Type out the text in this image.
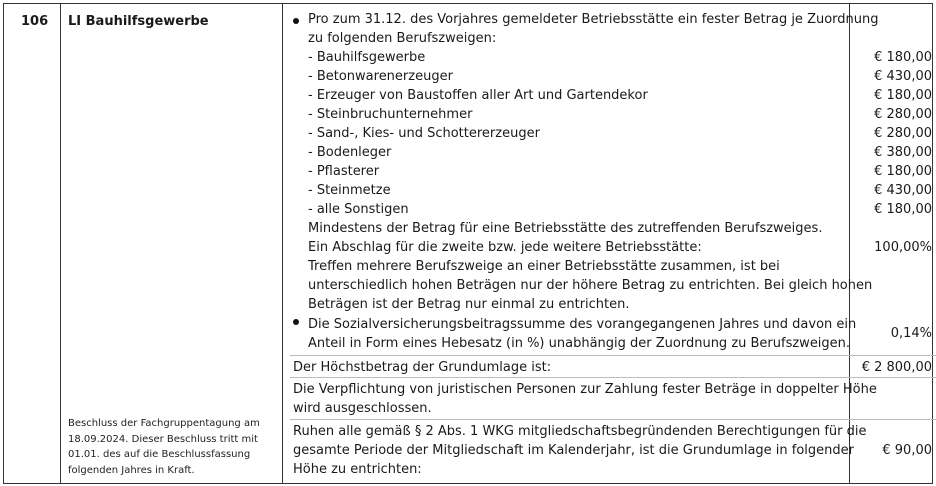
106 LI Bauhilfsgewerbe
Beschluss der Fachgruppentagung am 18.09.2024. Dieser Beschluss tritt mit 01.01. des auf die Beschlussfassung folgenden Jahres in Kraft.
Pro zum 31.12. des Vorjahres gemeldeter Betriebsstätte ein fester Betrag je Zuordnung
zu folgenden Berufszweigen:
- Bauhilfsgewerbe
- Betonwarenerzeuger
- Erzeuger von Baustoffen aller Art und Gartendekor
- Steinbruchunternehmer
- Sand-, Kies- und Schottererzeuger
- Bodenleger
- Pflasterer
- Steinmetze
- alle Sonstigen
Mindestens der Betrag für eine Betriebsstätte des zutreffenden Berufszweiges.
Ein Abschlag für die zweite bzw. jede weitere Betriebsstätte:
Treffen mehrere Berufszweige an einer Betriebsstätte zusammen, ist bei
unterschiedlich hohen Beträgen nur der höhere Betrag zu entrichten. Bei gleich hohen
Beträgen ist der Betrag nur einmal zu entrichten.
Die Sozialversicherungsbeitragssumme des vorangegangenen Jahres und davon ein
Anteil in Form eines Hebesatz (in %) unabhängig der Zuordnung zu Berufszweigen.
Der Höchstbetrag der Grundumlage ist:
Die Verpflichtung von juristischen Personen zur Zahlung fester Beträge in doppelter Höhe
wird ausgeschlossen.
Ruhen alle gemäß § 2 Abs. 1 WKG mitgliedschaftsbegründenden Berechtigungen für die
gesamte Periode der Mitgliedschaft im Kalenderjahr, ist die Grundumlage in folgender
Höhe zu entrichten:
€ 180,00
€ 430,00
€ 180,00
€ 280,00
€ 280,00
€ 380,00
€ 180,00
€ 430,00
€ 180,00
100,00%
0,14%
€ 2 800,00
€ 90,00
